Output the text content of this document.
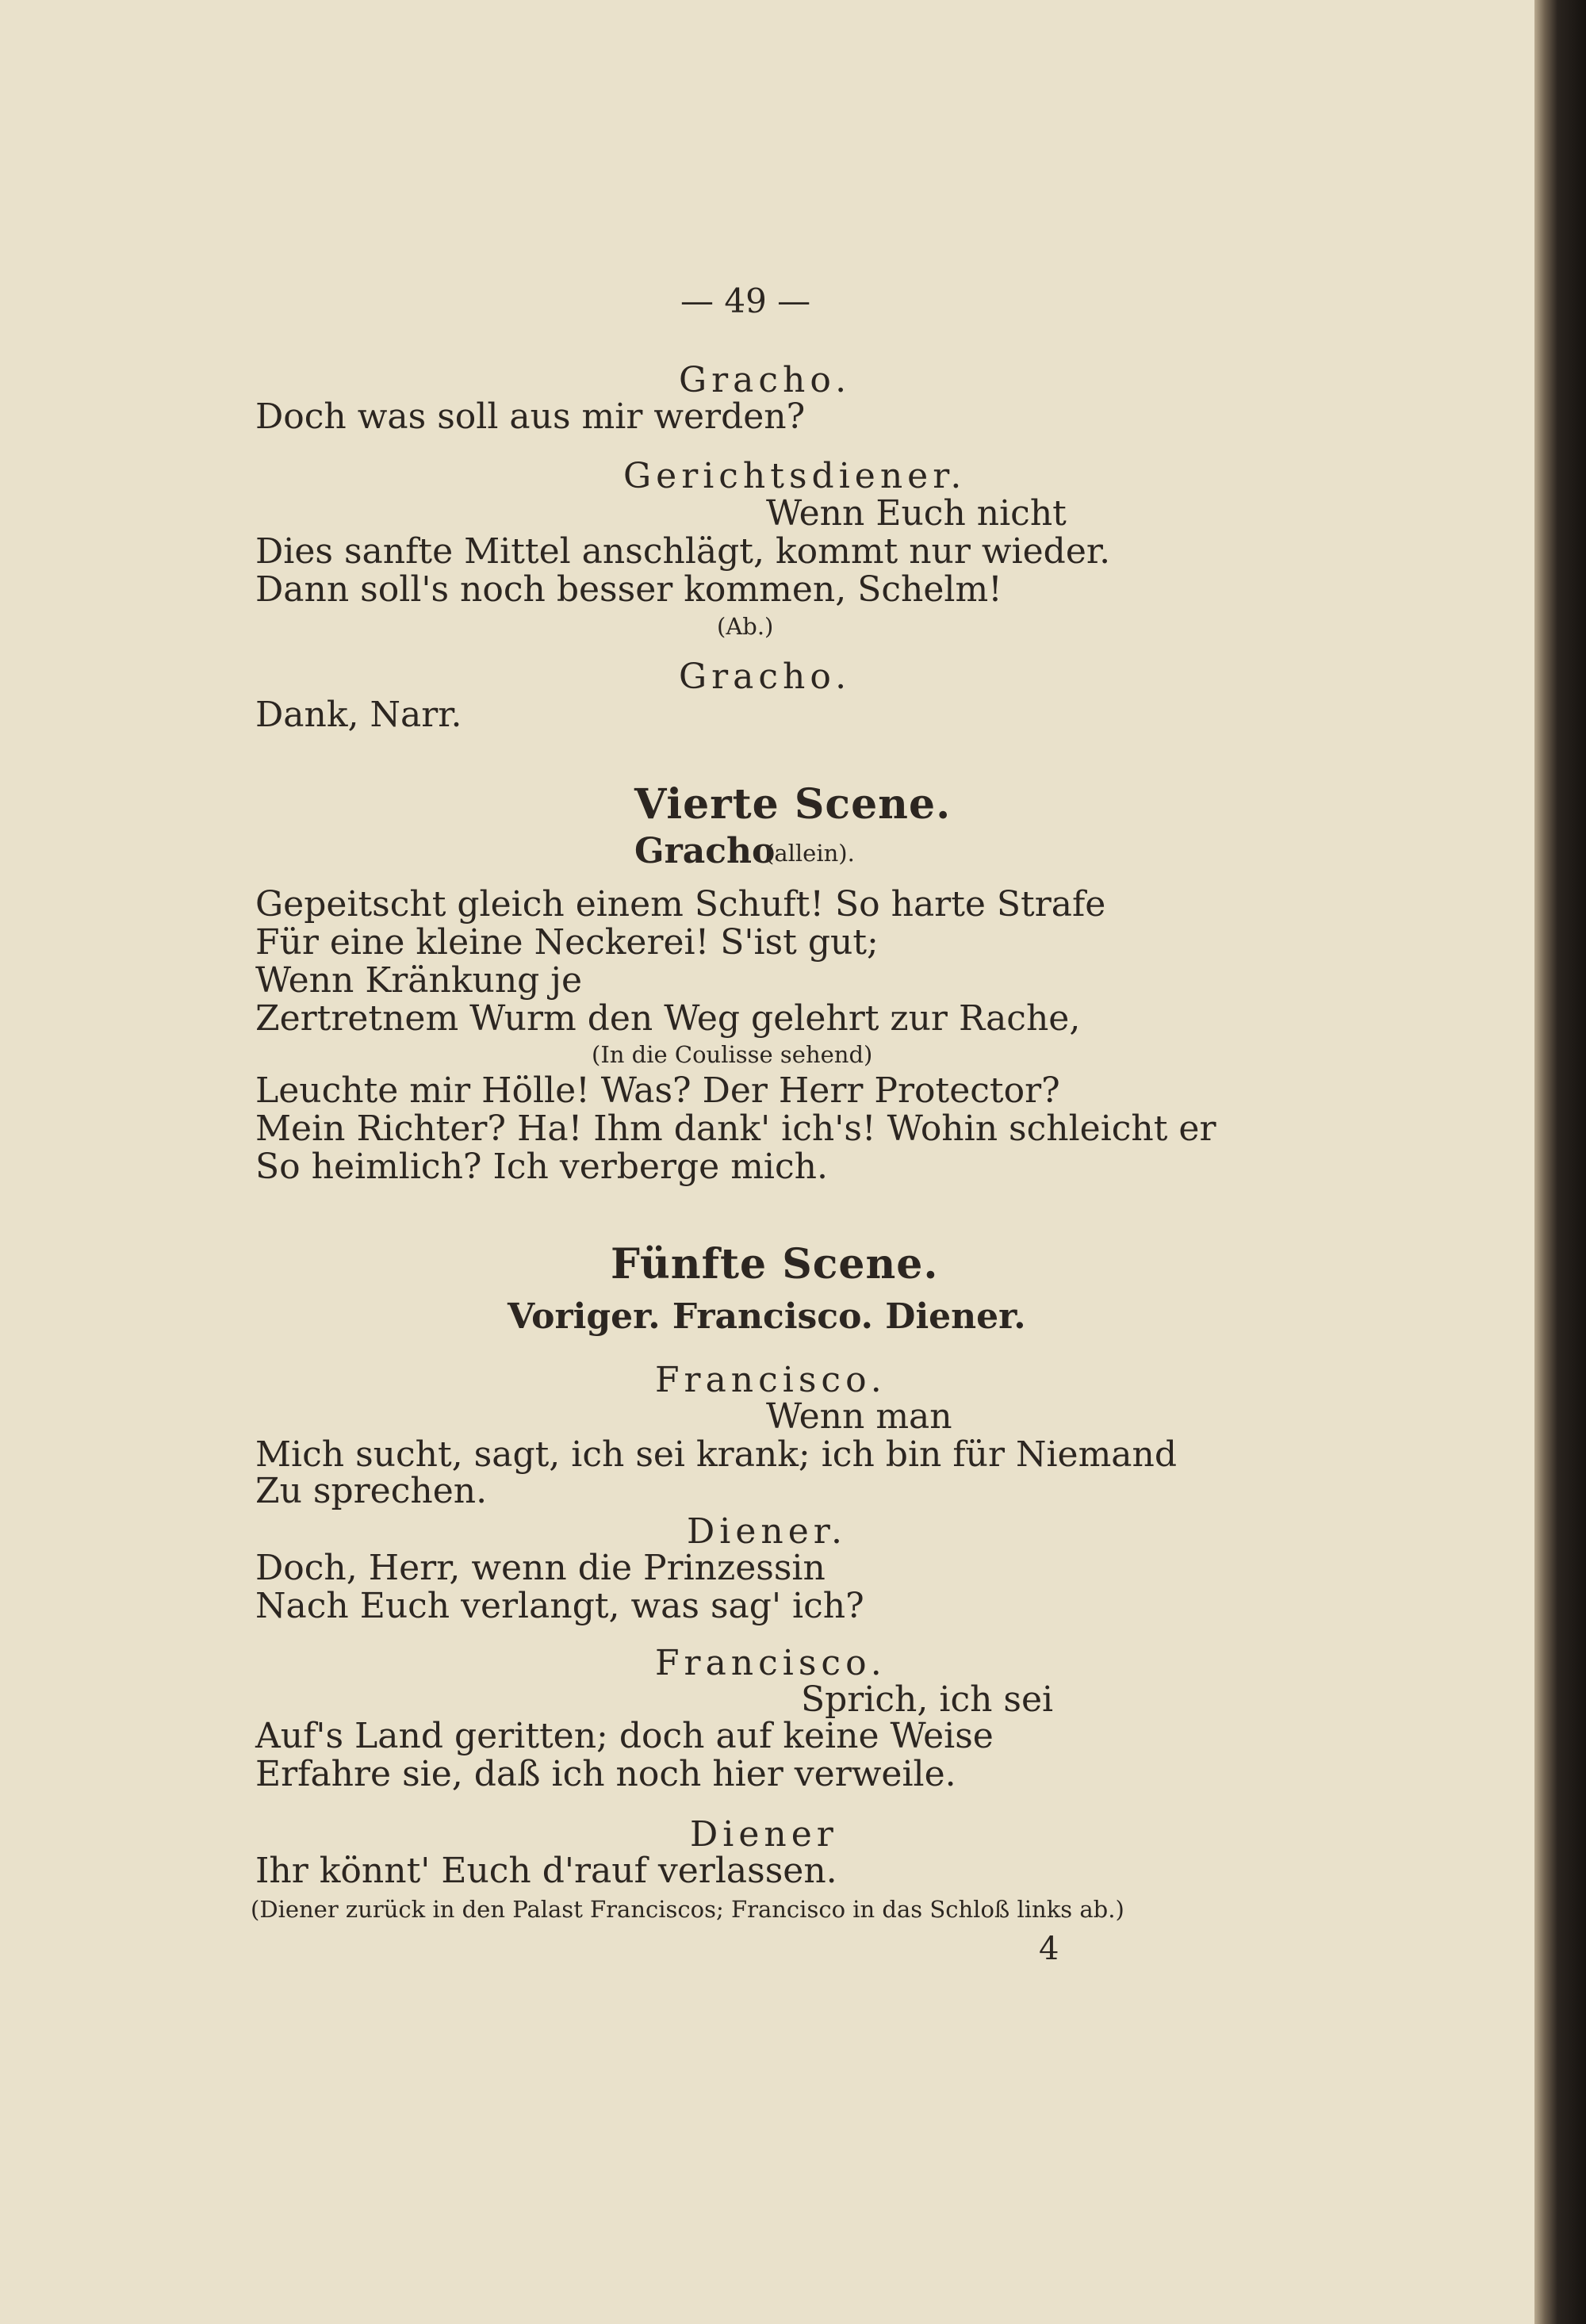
— 49 —
Gracho.
Doch was soll aus mir werden?
Gerichtsdiener.
Wenn Euch nicht
Dies sanfte Mittel anschlägt, kommt nur wieder.
Dann soll's noch besser kommen, Schelm!
(Ab.)
Gracho.
Dank, Narr.
Vierte Scene.
Gracho
(allein).
Gepeitscht gleich einem Schuft! So harte Strafe
Für eine kleine Neckerei! S'ist gut;
Wenn Kränkung je
Zertretnem Wurm den Weg gelehrt zur Rache,
(In die Coulisse sehend)
Leuchte mir Hölle! Was? Der Herr Protector?
Mein Richter? Ha! Ihm dank' ich's! Wohin schleicht er
So heimlich? Ich verberge mich.
Fünfte Scene.
Voriger. Francisco. Diener.
Francisco.
Wenn man
Mich sucht, sagt, ich sei krank; ich bin für Niemand
Zu sprechen.
Diener.
Doch, Herr, wenn die Prinzessin
Nach Euch verlangt, was sag' ich?
Francisco.
Sprich, ich sei
Auf's Land geritten; doch auf keine Weise
Erfahre sie, daß ich noch hier verweile.
Diener
Ihr könnt' Euch d'rauf verlassen.
(Diener zurück in den Palast Franciscos; Francisco in das Schloß links ab.)
4
